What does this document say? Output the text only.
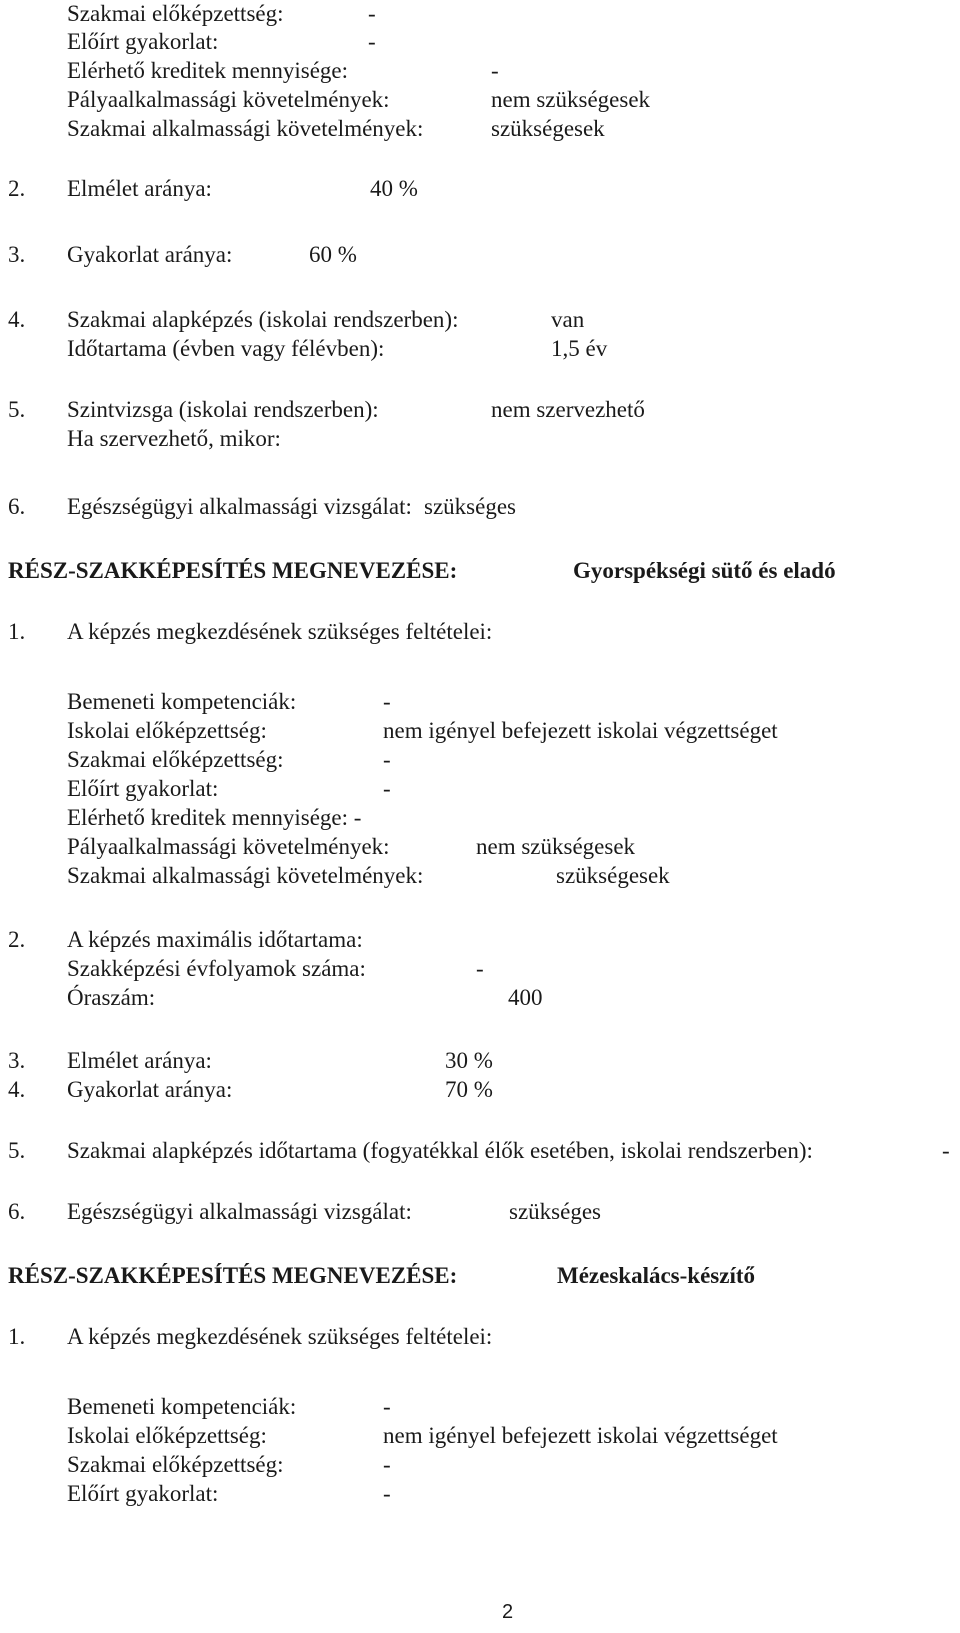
Szakmai előképzettség:	-
Előírt gyakorlat:	-
Elérhető kreditek mennyisége:	-
Pályaalkalmassági követelmények:	nem szükségesek
Szakmai alkalmassági követelmények:	szükségesek
2. Elmélet aránya:	40 %
3. Gyakorlat aránya:	60 %
4. Szakmai alapképzés (iskolai rendszerben):	van
Időtartama (évben vagy félévben):	1,5 év
5. Szintvizsga (iskolai rendszerben):	nem szervezhető
Ha szervezhető, mikor:
6. Egészségügyi alkalmassági vizsgálat: szükséges
RÉSZ-SZAKKÉPESÍTÉS MEGNEVEZÉSE:	Gyorspékségi sütő és eladó
1. A képzés megkezdésének szükséges feltételei:
Bemeneti kompetenciák:	-
Iskolai előképzettség:	nem igényel befejezett iskolai végzettséget
Szakmai előképzettség:	-
Előírt gyakorlat:	-
Elérhető kreditek mennyisége: -
Pályaalkalmassági követelmények:	nem szükségesek
Szakmai alkalmassági követelmények:	szükségesek
2. A képzés maximális időtartama:
Szakképzési évfolyamok száma:	-
Óraszám:	400
3. Elmélet aránya:	30 %
4. Gyakorlat aránya:	70 %
5. Szakmai alapképzés időtartama (fogyatékkal élők esetében, iskolai rendszerben):	-
6. Egészségügyi alkalmassági vizsgálat:	szükséges
RÉSZ-SZAKKÉPESÍTÉS MEGNEVEZÉSE:	Mézeskalács-készítő
1. A képzés megkezdésének szükséges feltételei:
Bemeneti kompetenciák:	-
Iskolai előképzettség:	nem igényel befejezett iskolai végzettséget
Szakmai előképzettség:	-
Előírt gyakorlat:	-
2
